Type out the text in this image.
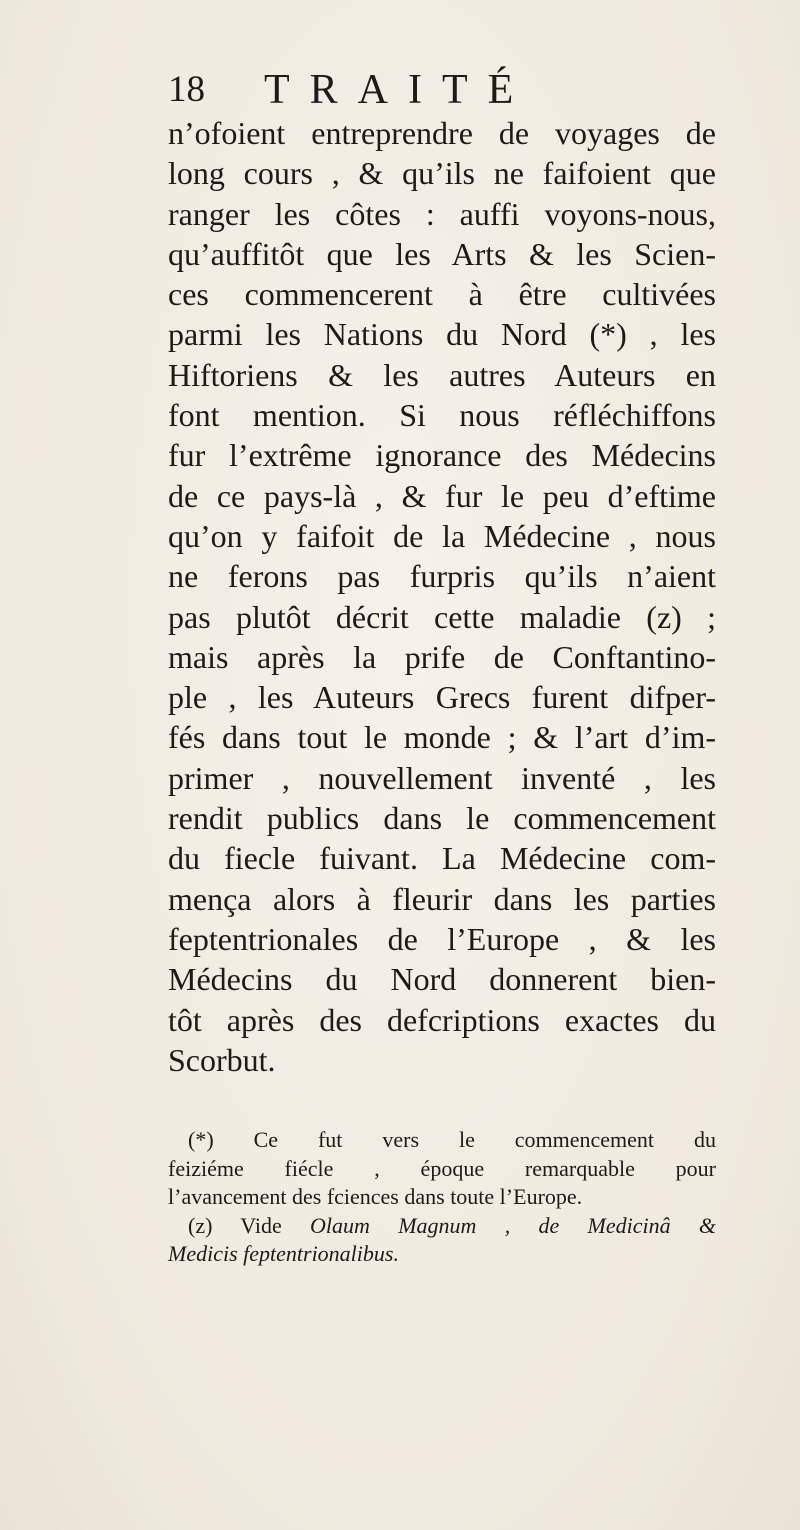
18 TRAITÉ
n’ofoient entreprendre de voyages de
long cours , & qu’ils ne faifoient que
ranger les côtes : auffi voyons-nous,
qu’auffitôt que les Arts & les Scien-
ces commencerent à être cultivées
parmi les Nations du Nord (*) , les
Hiftoriens & les autres Auteurs en
font mention. Si nous réfléchiffons
fur l’extrême ignorance des Médecins
de ce pays-là , & fur le peu d’eftime
qu’on y faifoit de la Médecine , nous
ne ferons pas furpris qu’ils n’aient
pas plutôt décrit cette maladie (z) ;
mais après la prife de Conftantino-
ple , les Auteurs Grecs furent difper-
fés dans tout le monde ; & l’art d’im-
primer , nouvellement inventé , les
rendit publics dans le commencement
du fiecle fuivant. La Médecine com-
mença alors à fleurir dans les parties
feptentrionales de l’Europe , & les
Médecins du Nord donnerent bien-
tôt après des defcriptions exactes du
Scorbut.
(*) Ce fut vers le commencement du
feiziéme fiécle , époque remarquable pour
l’avancement des fciences dans toute l’Europe.
(z) Vide Olaum Magnum , de Medicinâ &
Medicis feptentrionalibus.
